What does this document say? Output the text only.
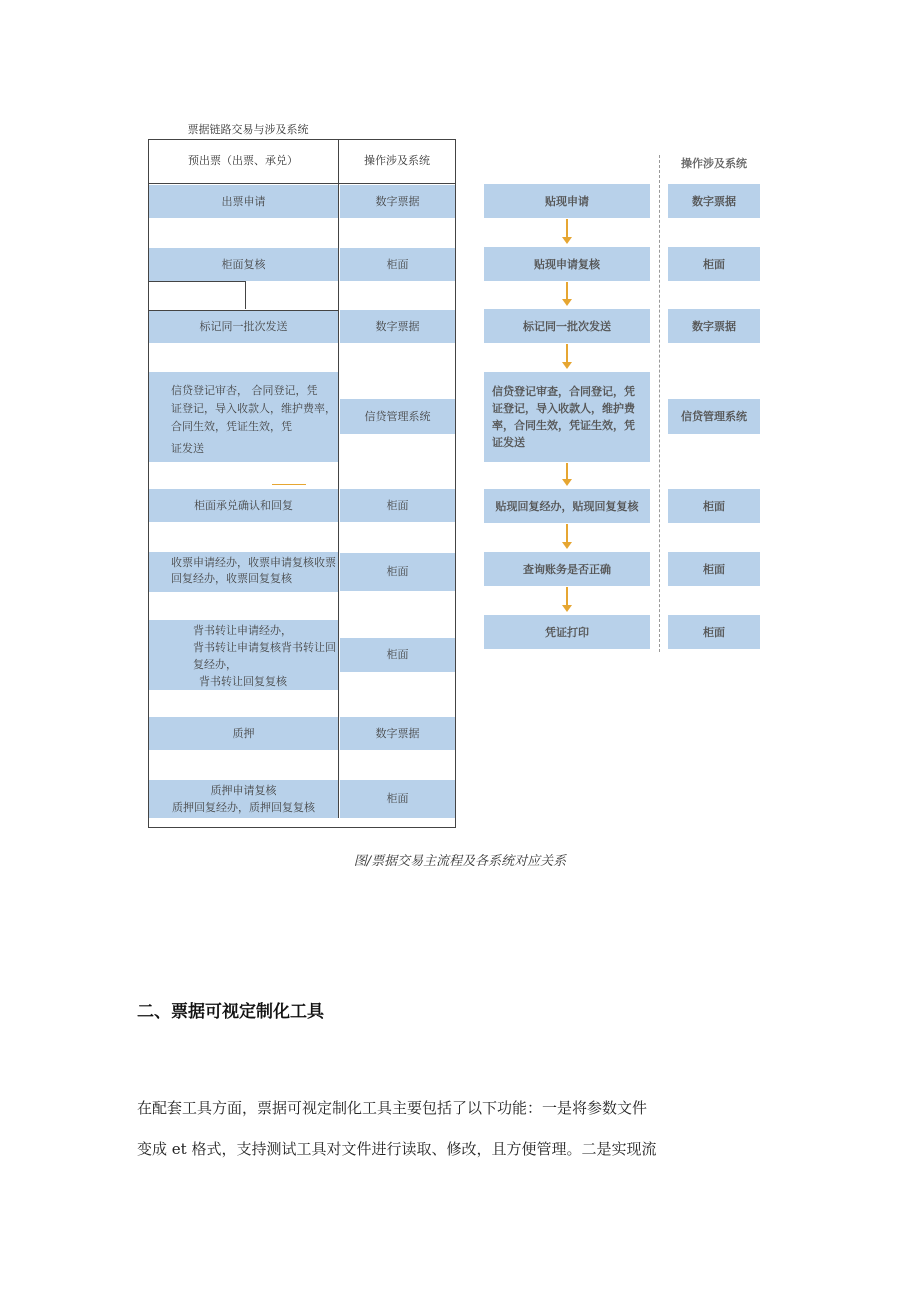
票据链路交易与涉及系统
预出票（出票、承兑）	操作涉及系统
出票申请
柜面复核
标记同一批次发送
信贷登记审杏， 合同登记，凭
证登记，导入收款人，维护费率，
合同生效，凭证生效，凭
证发送
柜面承兑确认和回复
收票申请经办，收票申请复核收票
回复经办，收票回复复核
背书转让申请经办，
背书转让申请复核背书转让回
复经办，
背书转让回复复核
质押
质押申请复核
质押回复经办，质押回复复核
数字票据
柜面
数字票据
信贷管理系统
柜面
柜面
柜面
数字票据
柜面
操作涉及系统
贴现申请
贴现申请复核
标记同一批次发送
信贷登记审查，合同登记，凭
证登记，导入收款人，维护费
率，合同生效，凭证生效，凭
证发送
贴现回复经办，贴现回复复核
查询账务是否正确
凭证打印
数字票据
柜面
数字票据
信贷管理系统
柜面
柜面
柜面
图/票据交易主流程及各系统对应关系
二、票据可视定制化工具
在配套工具方面，票据可视定制化工具主要包括了以下功能：一是将参数文件
变成 et 格式，支持测试工具对文件进行读取、修改，且方便管理。二是实现流
